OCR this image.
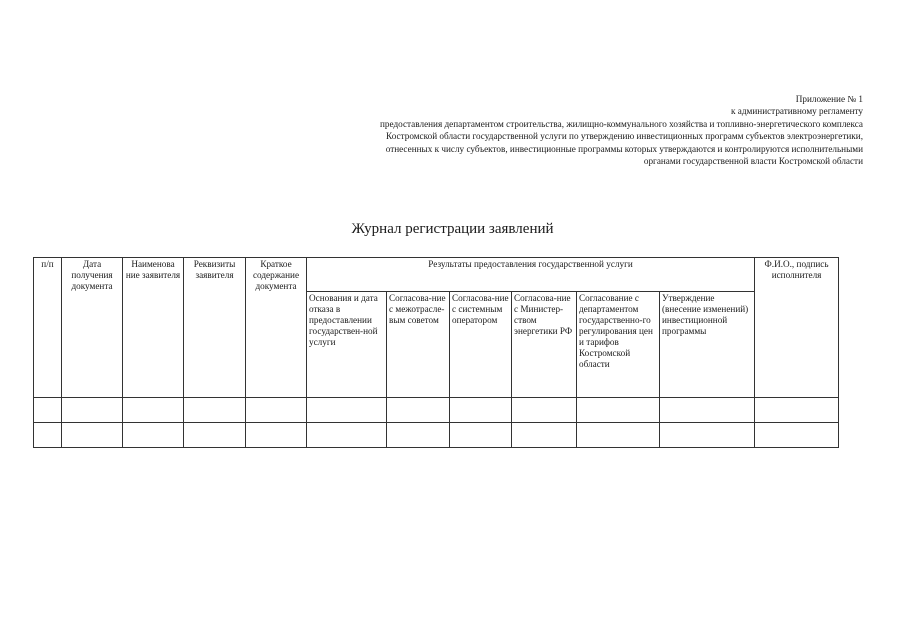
Приложение № 1
к административному регламенту
предоставления департаментом строительства, жилищно-коммунального хозяйства и топливно-энергетического комплекса
Костромской области государственной услуги по утверждению инвестиционных программ субъектов электроэнергетики,
отнесенных к числу субъектов, инвестиционные программы которых утверждаются и контролируются исполнительными
органами государственной власти Костромской области
Журнал регистрации заявлений
п/п	Дата получения документа	Наименова ние заявителя	Реквизиты заявителя	Краткое содержание документа	Результаты предоставления государственной услуги						Ф.И.О., подпись исполнителя
					Основания и дата отказа в предоставлении государствен-ной услуги	Согласова-ние с межотрасле-вым советом	Согласова-ние с системным оператором	Согласова-ние с Министер-ством энергетики РФ	Согласование с департаментом государственно-го регулирования цен и тарифов Костромской области	Утверждение (внесение изменений) инвестиционной программы	
